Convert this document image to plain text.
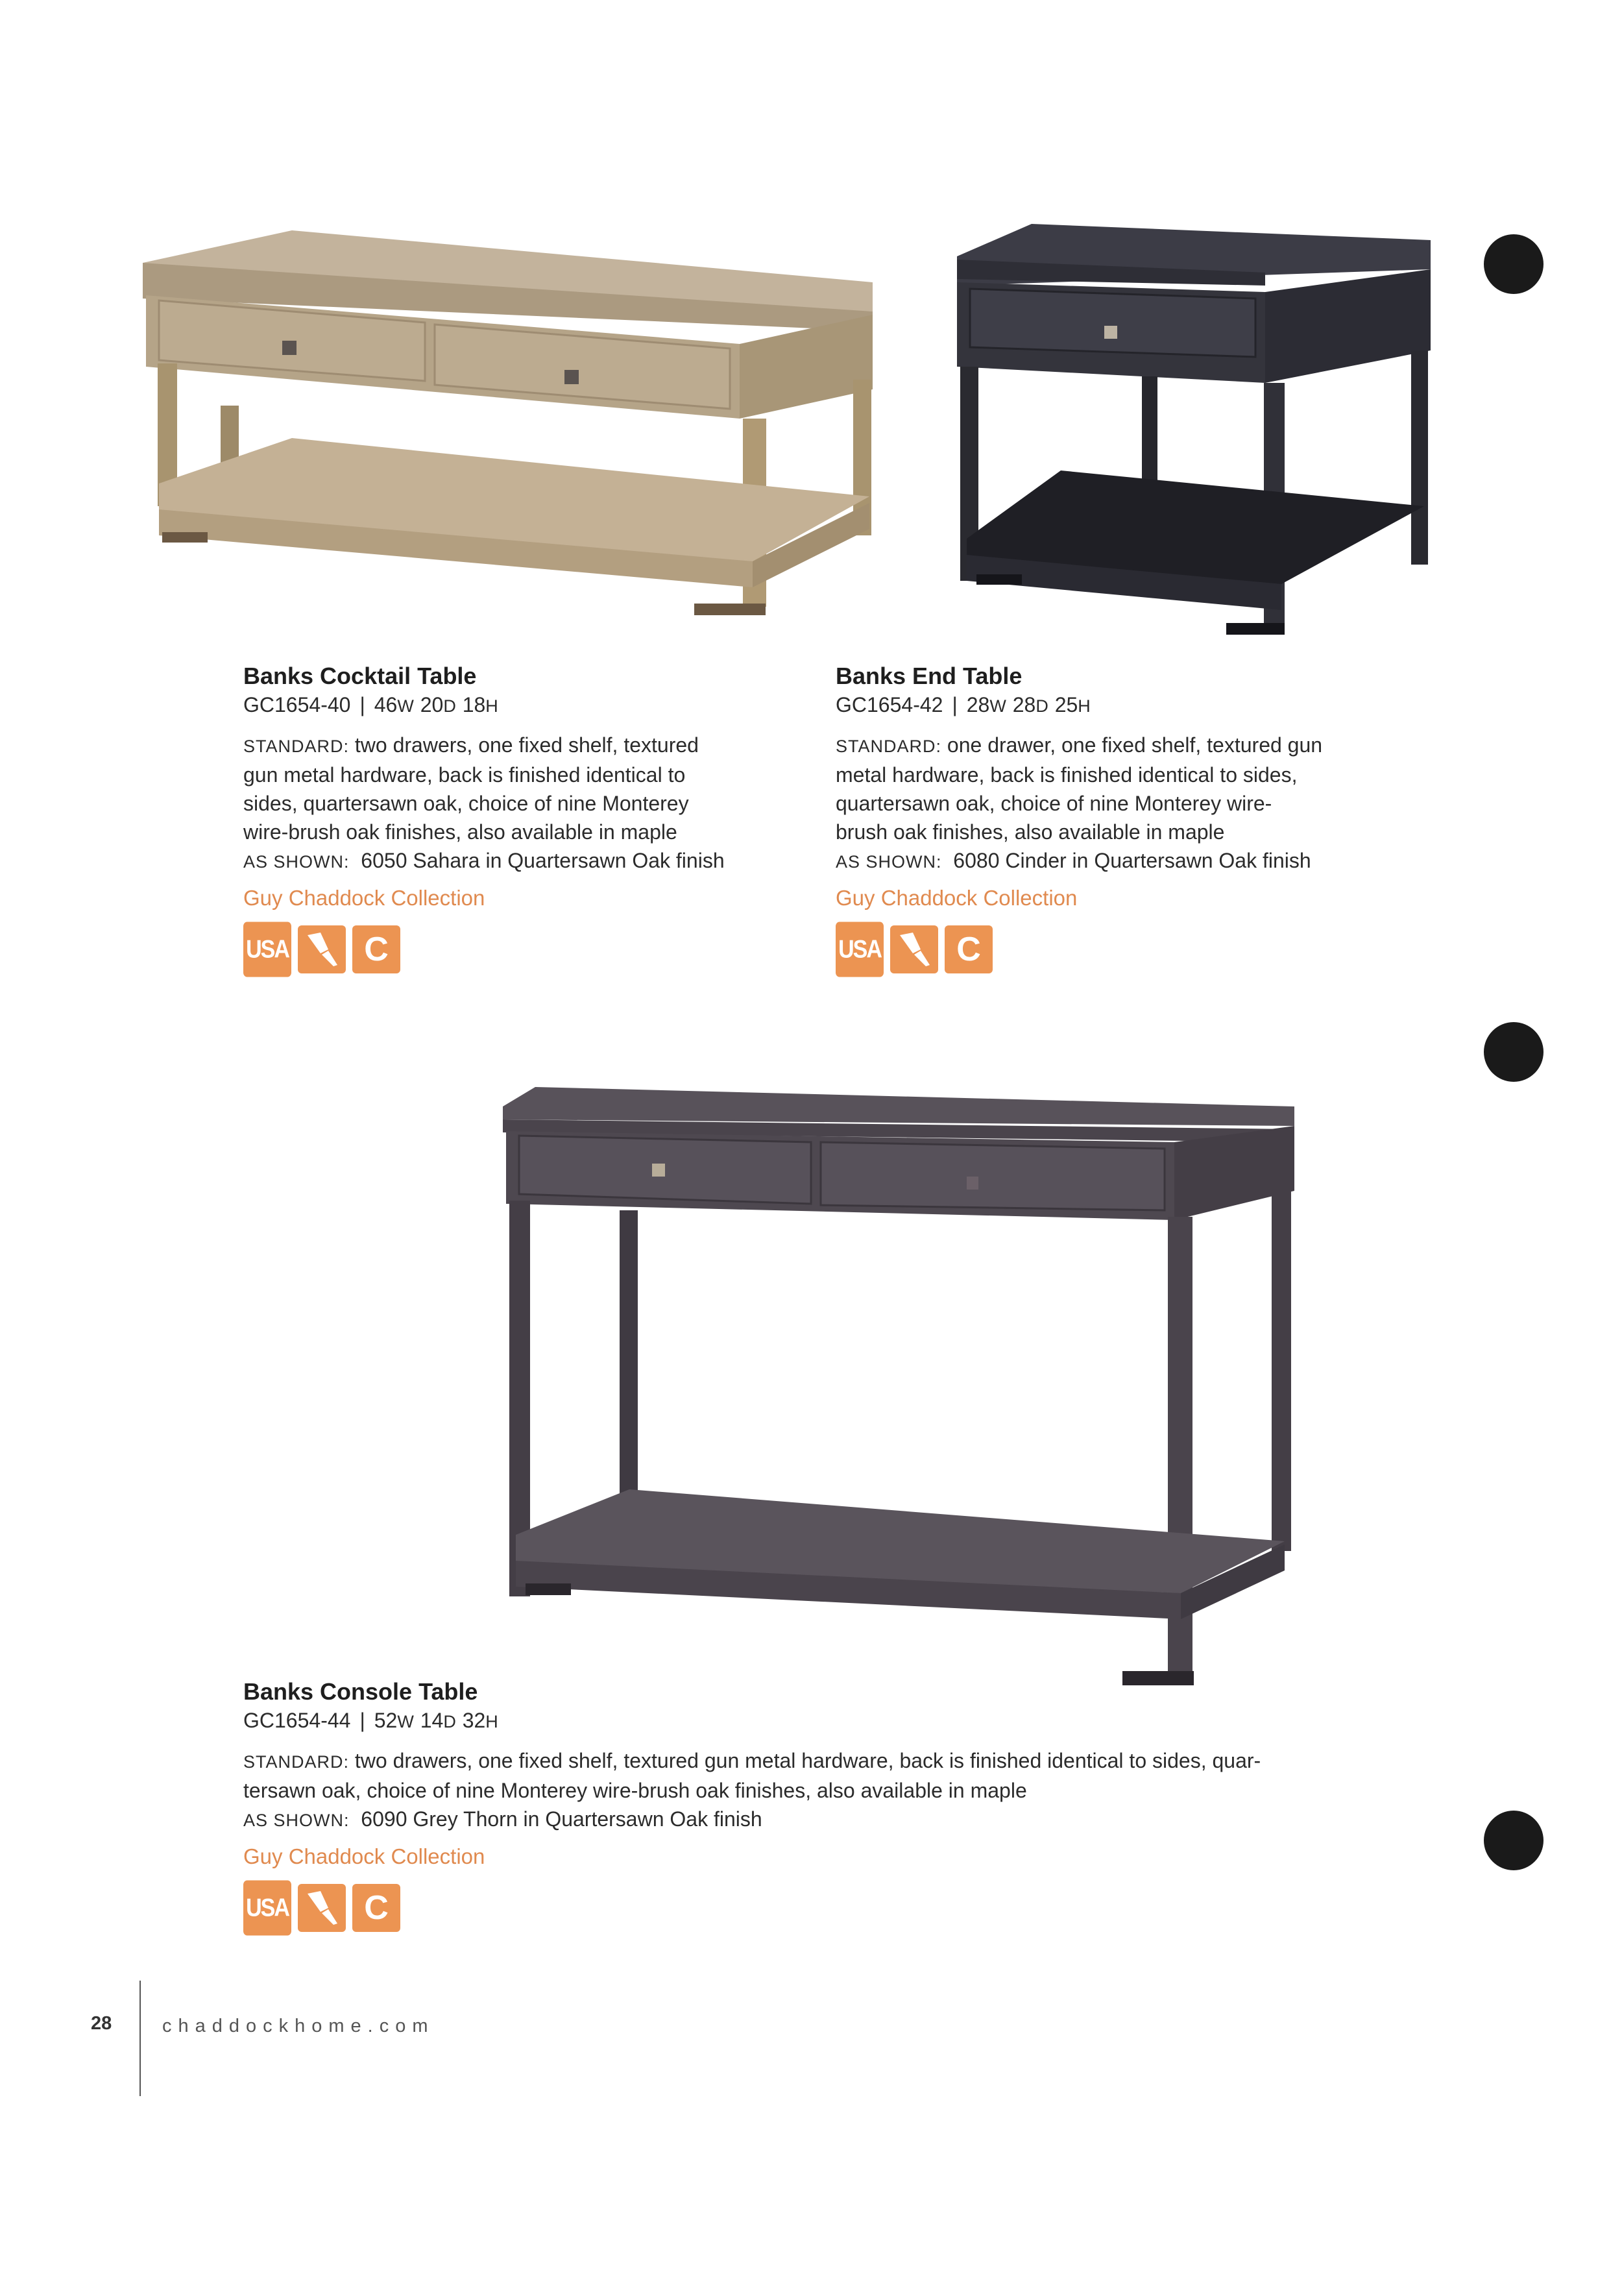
Banks Cocktail Table
GC1654-40 | 46W 20D 18H
STANDARD: two drawers, one fixed shelf, textured
gun metal hardware, back is finished identical to
sides, quartersawn oak, choice of nine Monterey
wire-brush oak finishes, also available in maple
AS SHOWN: 6050 Sahara in Quartersawn Oak finish
Guy Chaddock Collection
USA C
Banks End Table
GC1654-42 | 28W 28D 25H
STANDARD: one drawer, one fixed shelf, textured gun
metal hardware, back is finished identical to sides,
quartersawn oak, choice of nine Monterey wire-
brush oak finishes, also available in maple
AS SHOWN: 6080 Cinder in Quartersawn Oak finish
Guy Chaddock Collection
USA C
Banks Console Table
GC1654-44 | 52W 14D 32H
STANDARD: two drawers, one fixed shelf, textured gun metal hardware, back is finished identical to sides, quar-
tersawn oak, choice of nine Monterey wire-brush oak finishes, also available in maple
AS SHOWN: 6090 Grey Thorn in Quartersawn Oak finish
Guy Chaddock Collection
USA C
28	chaddockhome.com
